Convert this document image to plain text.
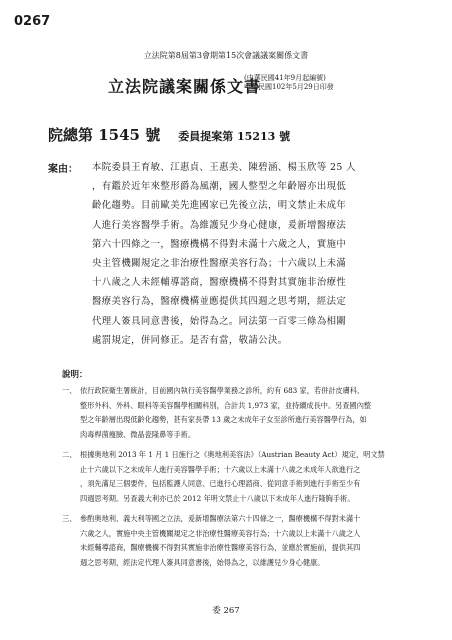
0267
立法院第8屆第3會期第15次會議議案關係文書
立法院議案關係文書
(中華民國41年9月起編號)
中華民國102年5月29日印發
院總第 1545 號 委員提案第 15213 號
案由： 本院委員王育敏、江惠貞、王惠美、陳碧涵、楊玉欣等 25 人
，有鑑於近年來整形爵為風潮，國人整型之年齡層亦出現低
齡化趨勢。目前歐美先進國家已先後立法，明文禁止未成年
人進行美容醫學手術。為維護兒少身心健康，爰新增醫療法
第六十四條之一，醫療機構不得對未滿十六歲之人，實施中
央主管機關規定之非治療性醫療美容行為；十六歲以上未滿
十八歲之人未經輔導諮商，醫療機構不得對其實施非治療性
醫療美容行為，醫療機構並應提供其四週之思考期，經法定
代理人簽具同意書後，始得為之。同法第一百零三條為相關
處罰規定，併同修正。是否有當，敬請公決。
說明：
一、 依行政院衛生署統計，目前國內執行美容醫學業務之診所，約有 683 家，若併計皮膚科、
整形外科、外科、眼科等美容醫學相關科別，合計共 1,973 家，並持續成長中。另查國內整
型之年齡層出現低齡化趨勢，甚有家長帶 13 歲之未成年子女至診所進行美容醫學行為，如
肉毒桿菌瘦臉、微晶瓷隆鼻等手術。
二、 根據奧地利 2013 年 1 月 1 日施行之《奧地利美容法》（Austrian Beauty Act）規定，明文禁
止十六歲以下之未成年人進行美容醫學手術；十六歲以上未滿十八歲之未成年人欲進行之
，須先滿足三個要件，包括監護人同意、已進行心理諮商、從同意手術到進行手術至少有
四週思考期。另查義大利亦已於 2012 年明文禁止十八歲以下未成年人進行隆胸手術。
三、 參酌奧地利、義大利等國之立法，爰新增醫療法第六十四條之一，醫療機構不得對未滿十
六歲之人，實施中央主管機關規定之非治療性醫療美容行為；十六歲以上未滿十八歲之人
未經輔導諮商，醫療機構不得對其實施非治療性醫療美容行為，並應於實施前，提供其四
週之思考期，經法定代理人簽具同意書後，始得為之，以維護兒少身心健康。
委 267
